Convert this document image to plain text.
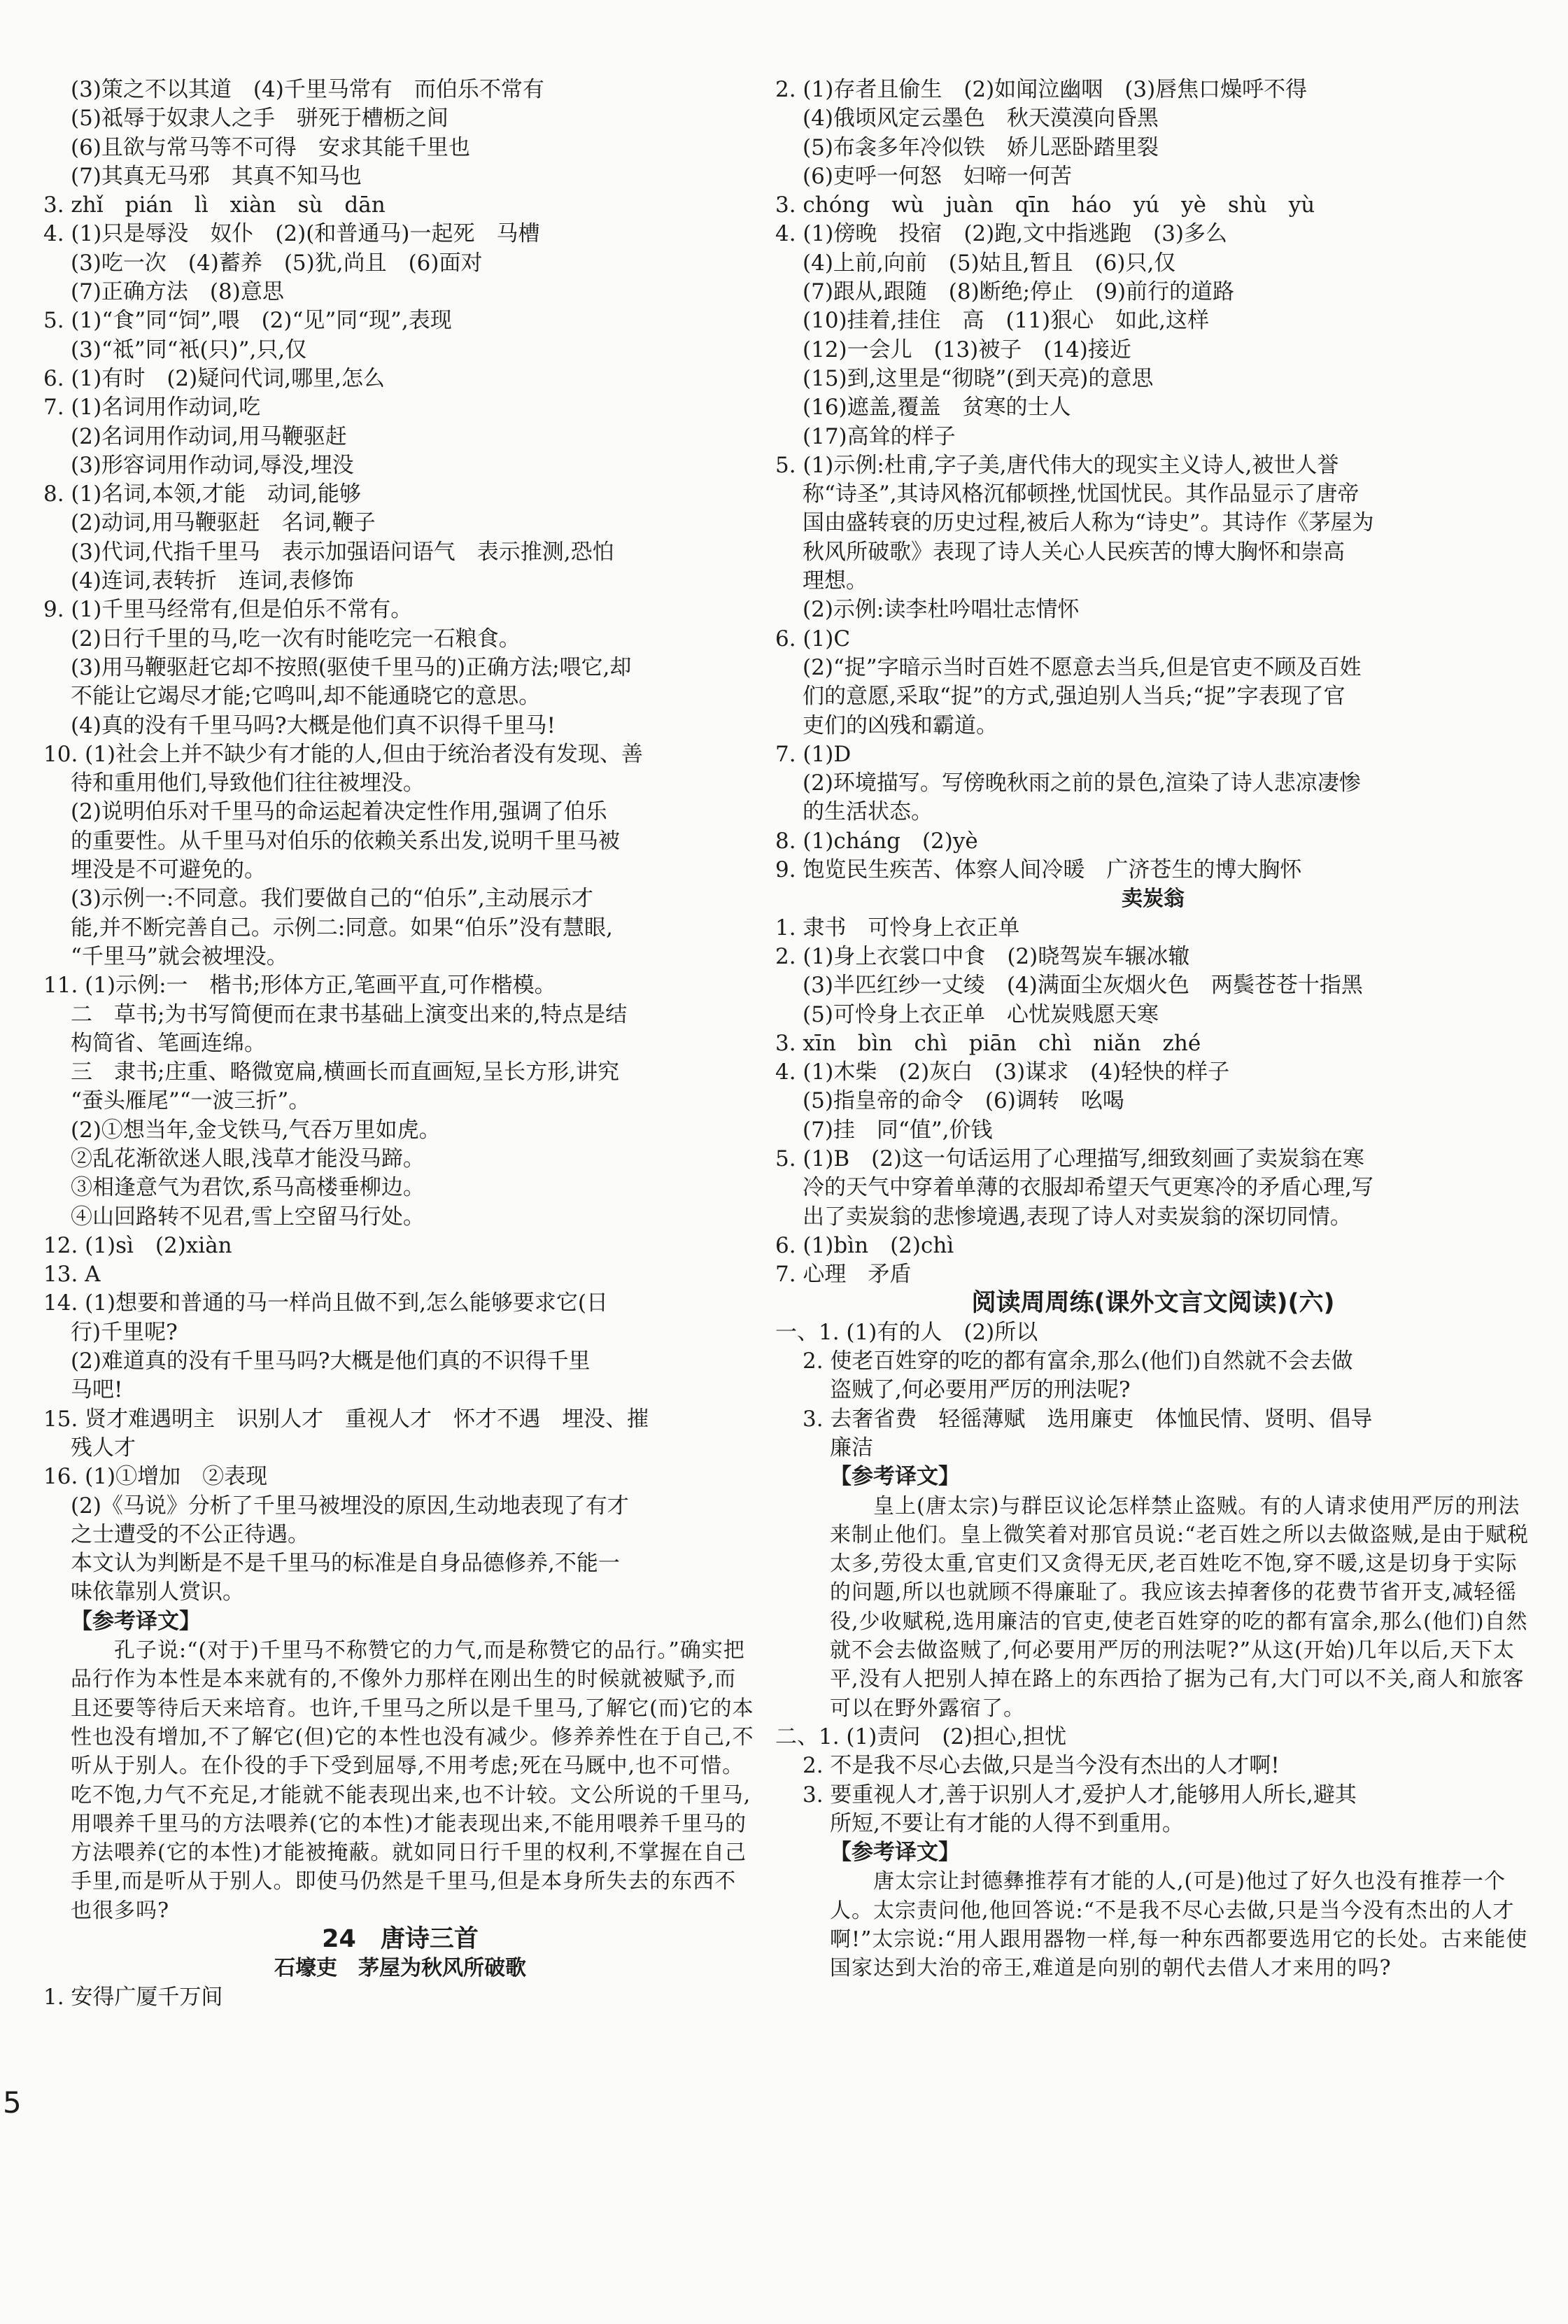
(3)策之不以其道　(4)千里马常有　而伯乐不常有
(5)祗辱于奴隶人之手　骈死于槽枥之间
(6)且欲与常马等不可得　安求其能千里也
(7)其真无马邪　其真不知马也
3. zhǐ　pián　lì　xiàn　sù　dān
4. (1)只是辱没　奴仆　(2)(和普通马)一起死　马槽
(3)吃一次　(4)蓄养　(5)犹,尚且　(6)面对
(7)正确方法　(8)意思
5. (1)“食”同“饲”,喂　(2)“见”同“现”,表现
(3)“祗”同“衹(只)”,只,仅
6. (1)有时　(2)疑问代词,哪里,怎么
7. (1)名词用作动词,吃
(2)名词用作动词,用马鞭驱赶
(3)形容词用作动词,辱没,埋没
8. (1)名词,本领,才能　动词,能够
(2)动词,用马鞭驱赶　名词,鞭子
(3)代词,代指千里马　表示加强语问语气　表示推测,恐怕
(4)连词,表转折　连词,表修饰
9. (1)千里马经常有,但是伯乐不常有。
(2)日行千里的马,吃一次有时能吃完一石粮食。
(3)用马鞭驱赶它却不按照(驱使千里马的)正确方法;喂它,却
不能让它竭尽才能;它鸣叫,却不能通晓它的意思。
(4)真的没有千里马吗?大概是他们真不识得千里马!
10. (1)社会上并不缺少有才能的人,但由于统治者没有发现、善
待和重用他们,导致他们往往被埋没。
(2)说明伯乐对千里马的命运起着决定性作用,强调了伯乐
的重要性。从千里马对伯乐的依赖关系出发,说明千里马被
埋没是不可避免的。
(3)示例一:不同意。我们要做自己的“伯乐”,主动展示才
能,并不断完善自己。示例二:同意。如果“伯乐”没有慧眼,
“千里马”就会被埋没。
11. (1)示例:一　楷书;形体方正,笔画平直,可作楷模。
二　草书;为书写简便而在隶书基础上演变出来的,特点是结
构简省、笔画连绵。
三　隶书;庄重、略微宽扁,横画长而直画短,呈长方形,讲究
“蚕头雁尾”“一波三折”。
(2)①想当年,金戈铁马,气吞万里如虎。
②乱花渐欲迷人眼,浅草才能没马蹄。
③相逢意气为君饮,系马高楼垂柳边。
④山回路转不见君,雪上空留马行处。
12. (1)sì　(2)xiàn
13. A
14. (1)想要和普通的马一样尚且做不到,怎么能够要求它(日
行)千里呢?
(2)难道真的没有千里马吗?大概是他们真的不识得千里
马吧!
15. 贤才难遇明主　识别人才　重视人才　怀才不遇　埋没、摧
残人才
16. (1)①增加　②表现
(2)《马说》分析了千里马被埋没的原因,生动地表现了有才
之士遭受的不公正待遇。
本文认为判断是不是千里马的标准是自身品德修养,不能一
味依靠别人赏识。
【参考译文】
孔子说:“(对于)千里马不称赞它的力气,而是称赞它的品行。”确实把品行作为本性是本来就有的,不像外力那样在刚出生的时候就被赋予,而且还要等待后天来培育。也许,千里马之所以是千里马,了解它(而)它的本性也没有增加,不了解它(但)它的本性也没有减少。修养养性在于自己,不听从于别人。在仆役的手下受到屈辱,不用考虑;死在马厩中,也不可惜。吃不饱,力气不充足,才能就不能表现出来,也不计较。文公所说的千里马,用喂养千里马的方法喂养(它的本性)才能表现出来,不能用喂养千里马的方法喂养(它的本性)才能被掩蔽。就如同日行千里的权利,不掌握在自己手里,而是听从于别人。即使马仍然是千里马,但是本身所失去的东西不也很多吗?
24　唐诗三首
石壕吏　茅屋为秋风所破歌
1. 安得广厦千万间
2. (1)存者且偷生　(2)如闻泣幽咽　(3)唇焦口燥呼不得
(4)俄顷风定云墨色　秋天漠漠向昏黑
(5)布衾多年冷似铁　娇儿恶卧踏里裂
(6)吏呼一何怒　妇啼一何苦
3. chóng　wù　juàn　qīn　háo　yú　yè　shù　yù
4. (1)傍晚　投宿　(2)跑,文中指逃跑　(3)多么
(4)上前,向前　(5)姑且,暂且　(6)只,仅
(7)跟从,跟随　(8)断绝;停止　(9)前行的道路
(10)挂着,挂住　高　(11)狠心　如此,这样
(12)一会儿　(13)被子　(14)接近
(15)到,这里是“彻晓”(到天亮)的意思
(16)遮盖,覆盖　贫寒的士人
(17)高耸的样子
5. (1)示例:杜甫,字子美,唐代伟大的现实主义诗人,被世人誉
称“诗圣”,其诗风格沉郁顿挫,忧国忧民。其作品显示了唐帝
国由盛转衰的历史过程,被后人称为“诗史”。其诗作《茅屋为
秋风所破歌》表现了诗人关心人民疾苦的博大胸怀和崇高
理想。
(2)示例:读李杜吟唱壮志情怀
6. (1)C
(2)“捉”字暗示当时百姓不愿意去当兵,但是官吏不顾及百姓
们的意愿,采取“捉”的方式,强迫别人当兵;“捉”字表现了官
吏们的凶残和霸道。
7. (1)D
(2)环境描写。写傍晚秋雨之前的景色,渲染了诗人悲凉凄惨
的生活状态。
8. (1)cháng　(2)yè
9. 饱览民生疾苦、体察人间冷暖　广济苍生的博大胸怀
卖炭翁
1. 隶书　可怜身上衣正单
2. (1)身上衣裳口中食　(2)晓驾炭车辗冰辙
(3)半匹红纱一丈绫　(4)满面尘灰烟火色　两鬓苍苍十指黑
(5)可怜身上衣正单　心忧炭贱愿天寒
3. xīn　bìn　chì　piān　chì　niǎn　zhé
4. (1)木柴　(2)灰白　(3)谋求　(4)轻快的样子
(5)指皇帝的命令　(6)调转　吆喝
(7)挂　同“值”,价钱
5. (1)B　(2)这一句话运用了心理描写,细致刻画了卖炭翁在寒
冷的天气中穿着单薄的衣服却希望天气更寒冷的矛盾心理,写
出了卖炭翁的悲惨境遇,表现了诗人对卖炭翁的深切同情。
6. (1)bìn　(2)chì
7. 心理　矛盾
阅读周周练(课外文言文阅读)(六)
一、1. (1)有的人　(2)所以
2. 使老百姓穿的吃的都有富余,那么(他们)自然就不会去做
盗贼了,何必要用严厉的刑法呢?
3. 去奢省费　轻徭薄赋　选用廉吏　体恤民情、贤明、倡导
廉洁
【参考译文】
皇上(唐太宗)与群臣议论怎样禁止盗贼。有的人请求使用严厉的刑法来制止他们。皇上微笑着对那官员说:“老百姓之所以去做盗贼,是由于赋税太多,劳役太重,官吏们又贪得无厌,老百姓吃不饱,穿不暖,这是切身于实际的问题,所以也就顾不得廉耻了。我应该去掉奢侈的花费节省开支,减轻徭役,少收赋税,选用廉洁的官吏,使老百姓穿的吃的都有富余,那么(他们)自然就不会去做盗贼了,何必要用严厉的刑法呢?”从这(开始)几年以后,天下太平,没有人把别人掉在路上的东西拾了据为己有,大门可以不关,商人和旅客可以在野外露宿了。
二、1. (1)责问　(2)担心,担忧
2. 不是我不尽心去做,只是当今没有杰出的人才啊!
3. 要重视人才,善于识别人才,爱护人才,能够用人所长,避其
所短,不要让有才能的人得不到重用。
【参考译文】
唐太宗让封德彝推荐有才能的人,(可是)他过了好久也没有推荐一个人。太宗责问他,他回答说:“不是我不尽心去做,只是当今没有杰出的人才啊!”太宗说:“用人跟用器物一样,每一种东西都要选用它的长处。古来能使国家达到大治的帝王,难道是向别的朝代去借人才来用的吗?
5
